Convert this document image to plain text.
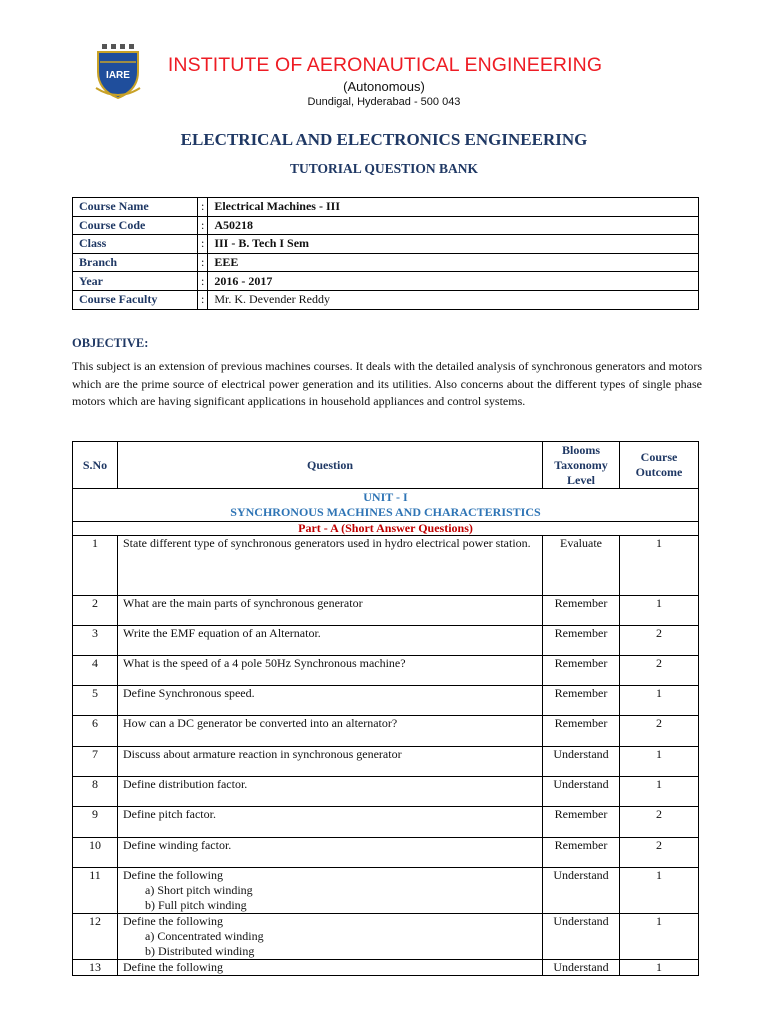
IARE	INSTITUTE OF AERONAUTICAL ENGINEERING
(Autonomous)
Dundigal, Hyderabad - 500 043
ELECTRICAL AND ELECTRONICS ENGINEERING
TUTORIAL QUESTION BANK
Course Name	:	Electrical Machines - III
Course Code	:	A50218
Class	:	III - B. Tech I Sem
Branch	:	EEE
Year	:	2016 - 2017
Course Faculty	:	Mr. K. Devender Reddy
OBJECTIVE:
This subject is an extension of previous machines courses. It deals with the detailed analysis of synchronous generators and motors which are the prime source of electrical power generation and its utilities. Also concerns about the different types of single phase motors which are having significant applications in household appliances and control systems.
S.No	Question	Blooms Taxonomy Level	Course Outcome

UNIT - I
SYNCHRONOUS MACHINES AND CHARACTERISTICS			

Part - A (Short Answer Questions)			
1	State different type of synchronous generators used in hydro electrical power station.	Evaluate	1
2	What are the main parts of synchronous generator	Remember	1
3	Write the EMF equation of an Alternator.	Remember	2
4	What is the speed of a 4 pole 50Hz Synchronous machine?	Remember	2
5	Define Synchronous speed.	Remember	1
6	How can a DC generator be converted into an alternator?	Remember	2
7	Discuss about armature reaction in synchronous generator	Understand	1
8	Define distribution factor.	Understand	1
9	Define pitch factor.	Remember	2
10	Define winding factor.	Remember	2
11	Define the following
a) Short pitch winding
b) Full pitch winding	Understand	1
12	Define the following
a) Concentrated winding
b) Distributed winding	Understand	1
13	Define the following	Understand	1
